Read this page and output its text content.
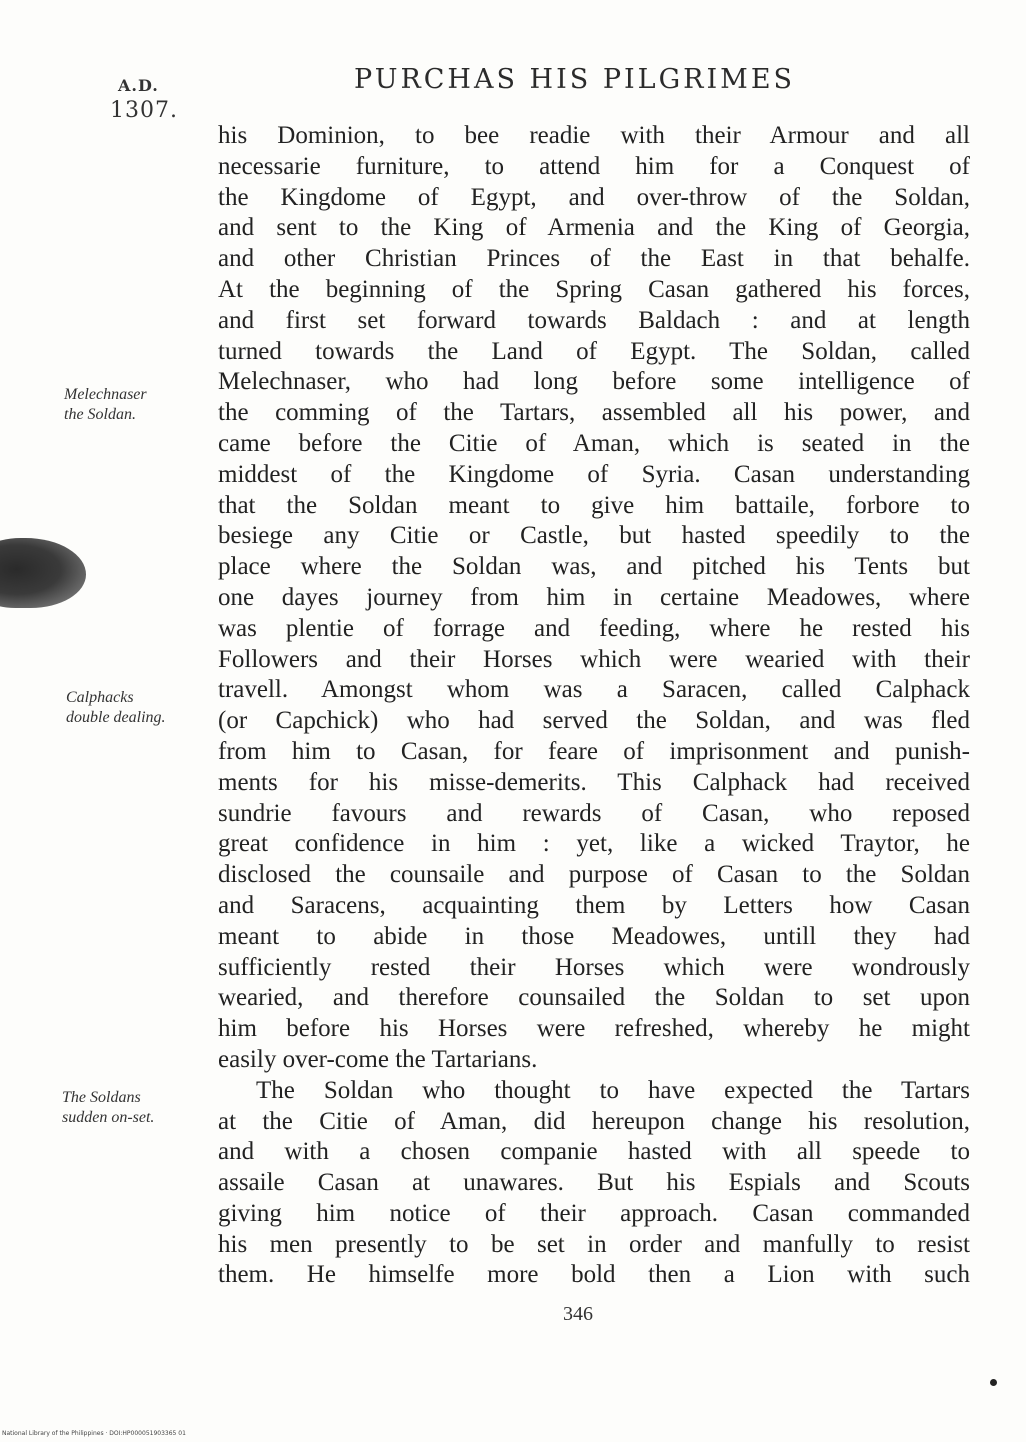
A.D.
1307.
PURCHAS HIS PILGRIMES
his Dominion, to bee readie with their Armour and all
necessarie furniture, to attend him for a Conquest of
the Kingdome of Egypt, and over-throw of the Soldan,
and sent to the King of Armenia and the King of Georgia,
and other Christian Princes of the East in that behalfe.
At the beginning of the Spring Casan gathered his forces,
and first set forward towards Baldach : and at length
turned towards the Land of Egypt. The Soldan, called
Melechnaser, who had long before some intelligence of
the comming of the Tartars, assembled all his power, and
came before the Citie of Aman, which is seated in the
middest of the Kingdome of Syria. Casan understanding
that the Soldan meant to give him battaile, forbore to
besiege any Citie or Castle, but hasted speedily to the
place where the Soldan was, and pitched his Tents but
one dayes journey from him in certaine Meadowes, where
was plentie of forrage and feeding, where he rested his
Followers and their Horses which were wearied with their
travell. Amongst whom was a Saracen, called Calphack
(or Capchick) who had served the Soldan, and was fled
from him to Casan, for feare of imprisonment and punish-
ments for his misse-demerits. This Calphack had received
sundrie favours and rewards of Casan, who reposed
great confidence in him : yet, like a wicked Traytor, he
disclosed the counsaile and purpose of Casan to the Soldan
and Saracens, acquainting them by Letters how Casan
meant to abide in those Meadowes, untill they had
sufficiently rested their Horses which were wondrously
wearied, and therefore counsailed the Soldan to set upon
him before his Horses were refreshed, whereby he might
easily over-come the Tartarians.
The Soldan who thought to have expected the Tartars
at the Citie of Aman, did hereupon change his resolution,
and with a chosen companie hasted with all speede to
assaile Casan at unawares. But his Espials and Scouts
giving him notice of their approach. Casan commanded
his men presently to be set in order and manfully to resist
them. He himselfe more bold then a Lion with such
Melechnaser
the Soldan.
Calphacks
double dealing.
The Soldans
sudden on-set.
346
National Library of the Philippines · DOI:HP000051903365 01
